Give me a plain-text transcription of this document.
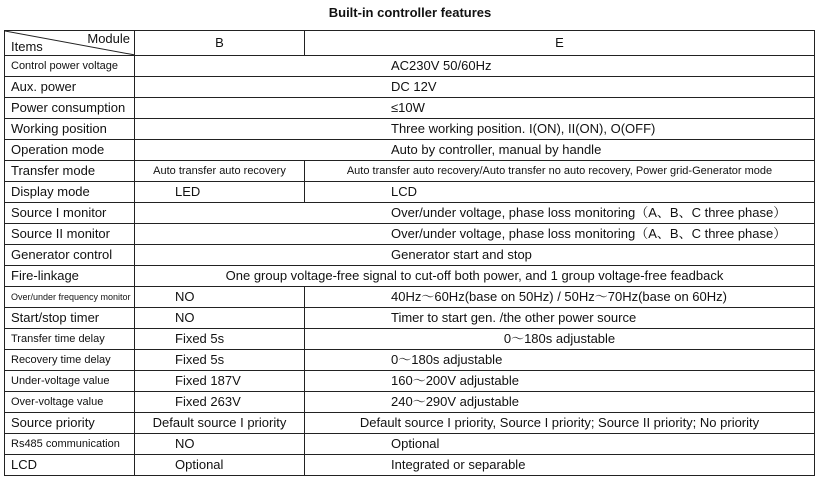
Built-in controller features
Module
Items	B	E
Control power voltage	AC230V 50/60Hz	
Aux. power	DC 12V	
Power consumption	≤10W	
Working position	Three working position. I(ON), II(ON), O(OFF)	
Operation mode	Auto by controller, manual by handle	
Transfer mode	Auto transfer auto recovery	Auto transfer auto recovery/Auto transfer no auto recovery, Power grid-Generator mode
Display mode	LED	LCD
Source I monitor	Over/under voltage, phase loss monitoring（A、B、C three phase）	
Source II monitor	Over/under voltage, phase loss monitoring（A、B、C three phase）	
Generator control	Generator start and stop	
Fire-linkage	One group voltage-free signal to cut-off both power, and 1 group voltage-free feadback	
Over/under frequency monitor	NO	40Hz～60Hz(base on 50Hz) / 50Hz～70Hz(base on 60Hz)
Start/stop timer	NO	Timer to start gen. /the other power source
Transfer time delay	Fixed 5s	0～180s adjustable
Recovery time delay	Fixed 5s	0～180s adjustable
Under-voltage value	Fixed 187V	160～200V adjustable
Over-voltage value	Fixed 263V	240～290V adjustable
Source priority	Default source I priority	Default source I priority, Source I priority; Source II priority; No priority
Rs485 communication	NO	Optional
LCD	Optional	Integrated or separable
